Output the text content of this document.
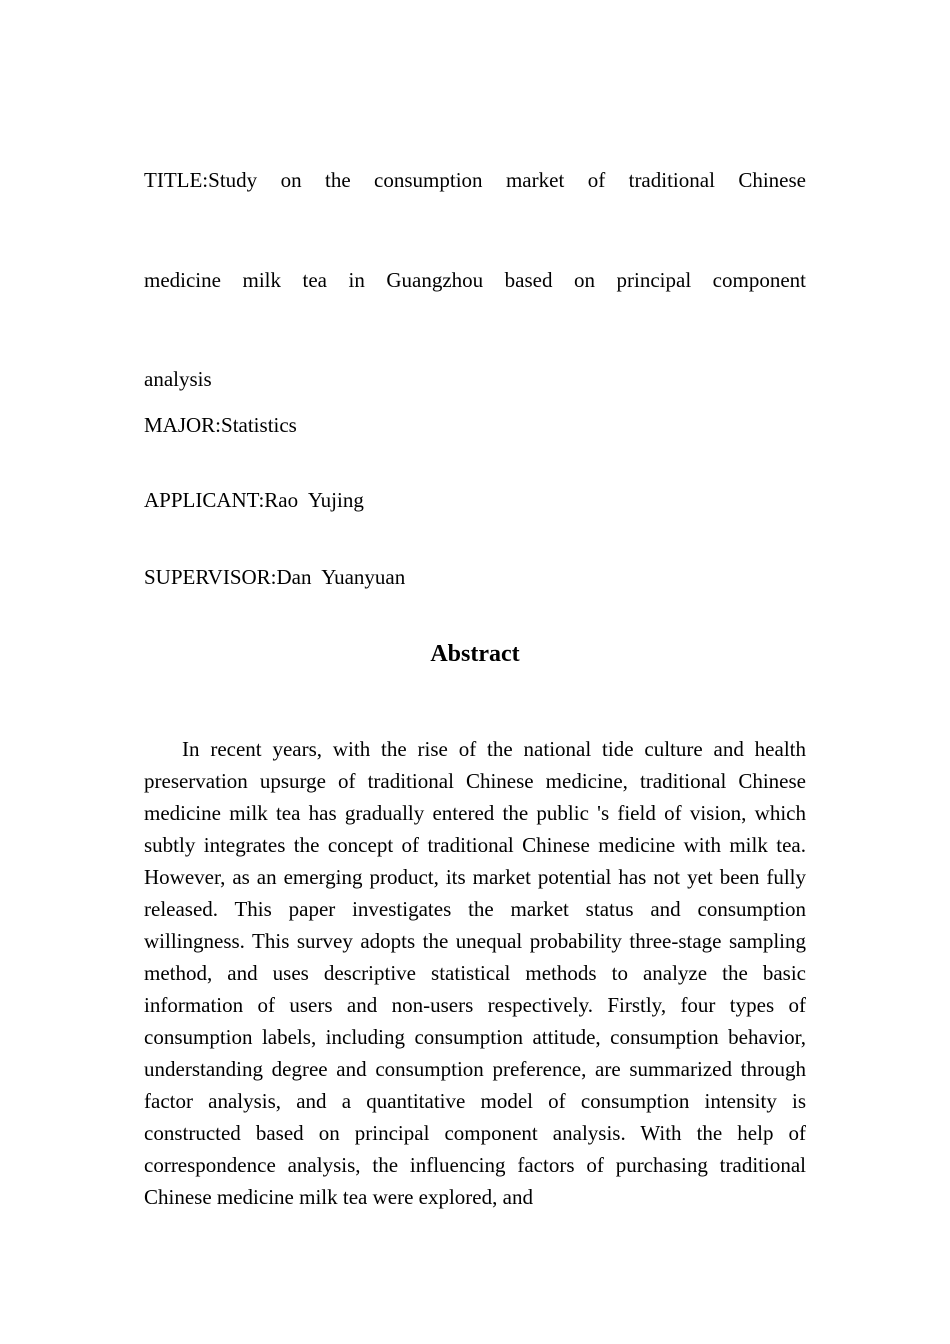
TITLE:Study on the consumption market of traditional Chinese
medicine milk tea in Guangzhou based on principal component
analysis
MAJOR:Statistics
APPLICANT:Rao  Yujing
SUPERVISOR:Dan  Yuanyuan
Abstract

In recent years, with the rise of the national tide culture and health preservation upsurge of traditional Chinese medicine, traditional Chinese medicine milk tea has gradually entered the public 's field of vision, which subtly integrates the concept of traditional Chinese medicine with milk tea. However, as an emerging product, its market potential has not yet been fully released. This paper investigates the market status and consumption willingness. This survey adopts the unequal probability three-stage sampling method, and uses descriptive statistical methods to analyze the basic information of users and non-users respectively. Firstly, four types of consumption labels, including consumption attitude, consumption behavior, understanding degree and consumption preference, are summarized through factor analysis, and a quantitative model of consumption intensity is constructed based on principal component analysis. With the help of correspondence analysis, the influencing factors of purchasing traditional Chinese medicine milk tea were explored, and
